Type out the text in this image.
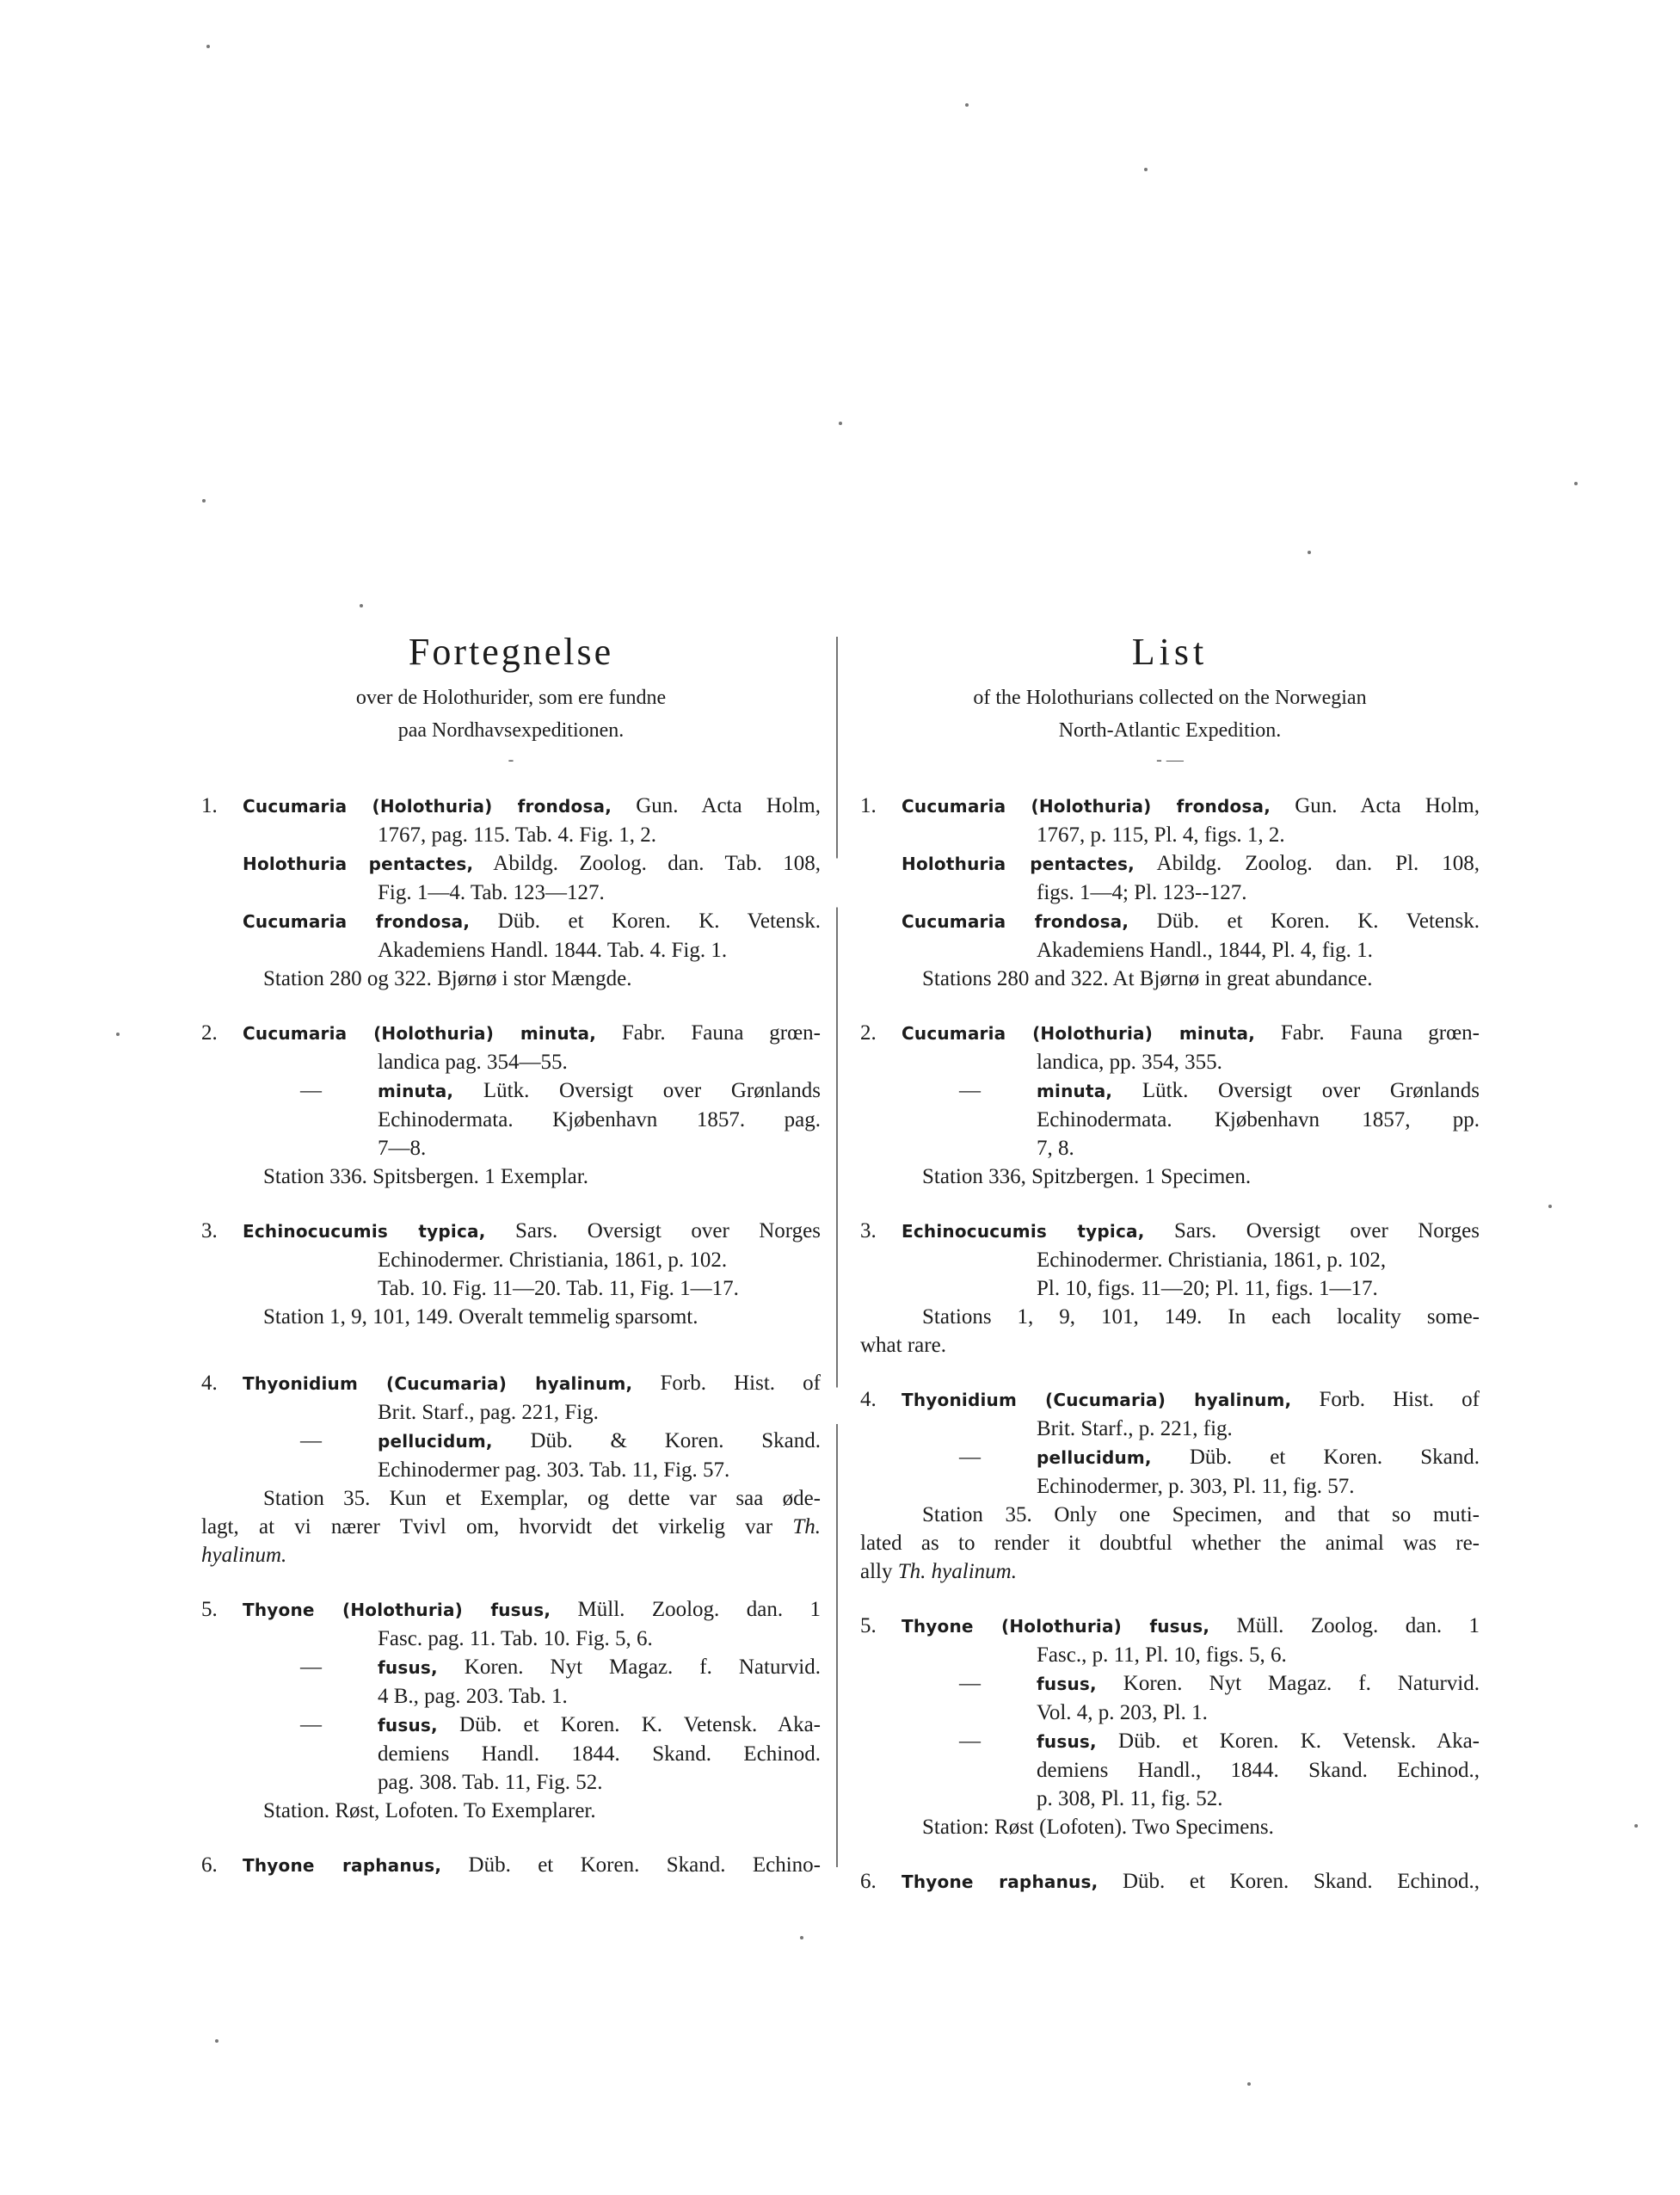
Fortegnelse
over de Holothurider, som ere fundne
paa Nordhavsexpeditionen.
-
1. Cucumaria (Holothuria) frondosa, Gun. Acta Holm,
1767, pag. 115. Tab. 4. Fig. 1, 2.
Holothuria pentactes, Abildg. Zoolog. dan. Tab. 108,
Fig. 1—4. Tab. 123—127.
Cucumaria frondosa, Düb. et Koren. K. Vetensk.
Akademiens Handl. 1844. Tab. 4. Fig. 1.
Station 280 og 322. Bjørnø i stor Mængde.
2. Cucumaria (Holothuria) minuta, Fabr. Fauna grœn-
landica pag. 354—55.
—	minuta, Lütk. Oversigt over Grønlands
Echinodermata. Kjøbenhavn 1857. pag.
7—8.
Station 336. Spitsbergen. 1 Exemplar.
3. Echinocucumis typica, Sars. Oversigt over Norges
Echinodermer. Christiania, 1861, p. 102.
Tab. 10. Fig. 11—20. Tab. 11, Fig. 1—17.
Station 1, 9, 101, 149. Overalt temmelig sparsomt.
4. Thyonidium (Cucumaria) hyalinum, Forb. Hist. of
Brit. Starf., pag. 221, Fig.
—	pellucidum, Düb. & Koren. Skand.
Echinodermer pag. 303. Tab. 11, Fig. 57.
Station 35. Kun et Exemplar, og dette var saa øde-
lagt, at vi nærer Tvivl om, hvorvidt det virkelig var Th.
hyalinum.
5. Thyone (Holothuria) fusus, Müll. Zoolog. dan. 1
Fasc. pag. 11. Tab. 10. Fig. 5, 6.
—	fusus, Koren. Nyt Magaz. f. Naturvid.
4 B., pag. 203. Tab. 1.
—	fusus, Düb. et Koren. K. Vetensk. Aka-
demiens Handl. 1844. Skand. Echinod.
pag. 308. Tab. 11, Fig. 52.
Station. Røst, Lofoten. To Exemplarer.
6. Thyone raphanus, Düb. et Koren. Skand. Echino-
List
of the Holothurians collected on the Norwegian
North-Atlantic Expedition.
- —
1. Cucumaria (Holothuria) frondosa, Gun. Acta Holm,
1767, p. 115, Pl. 4, figs. 1, 2.
Holothuria pentactes, Abildg. Zoolog. dan. Pl. 108,
figs. 1—4; Pl. 123--127.
Cucumaria frondosa, Düb. et Koren. K. Vetensk.
Akademiens Handl., 1844, Pl. 4, fig. 1.
Stations 280 and 322. At Bjørnø in great abundance.
2. Cucumaria (Holothuria) minuta, Fabr. Fauna grœn-
landica, pp. 354, 355.
—	minuta, Lütk. Oversigt over Grønlands
Echinodermata. Kjøbenhavn 1857, pp.
7, 8.
Station 336, Spitzbergen. 1 Specimen.
3. Echinocucumis typica, Sars. Oversigt over Norges
Echinodermer. Christiania, 1861, p. 102,
Pl. 10, figs. 11—20; Pl. 11, figs. 1—17.
Stations 1, 9, 101, 149. In each locality some-
what rare.
4. Thyonidium (Cucumaria) hyalinum, Forb. Hist. of
Brit. Starf., p. 221, fig.
—	pellucidum, Düb. et Koren. Skand.
Echinodermer, p. 303, Pl. 11, fig. 57.
Station 35. Only one Specimen, and that so muti-
lated as to render it doubtful whether the animal was re-
ally Th. hyalinum.
5. Thyone (Holothuria) fusus, Müll. Zoolog. dan. 1
Fasc., p. 11, Pl. 10, figs. 5, 6.
—	fusus, Koren. Nyt Magaz. f. Naturvid.
Vol. 4, p. 203, Pl. 1.
—	fusus, Düb. et Koren. K. Vetensk. Aka-
demiens Handl., 1844. Skand. Echinod.,
p. 308, Pl. 11, fig. 52.
Station: Røst (Lofoten). Two Specimens.
6. Thyone raphanus, Düb. et Koren. Skand. Echinod.,
